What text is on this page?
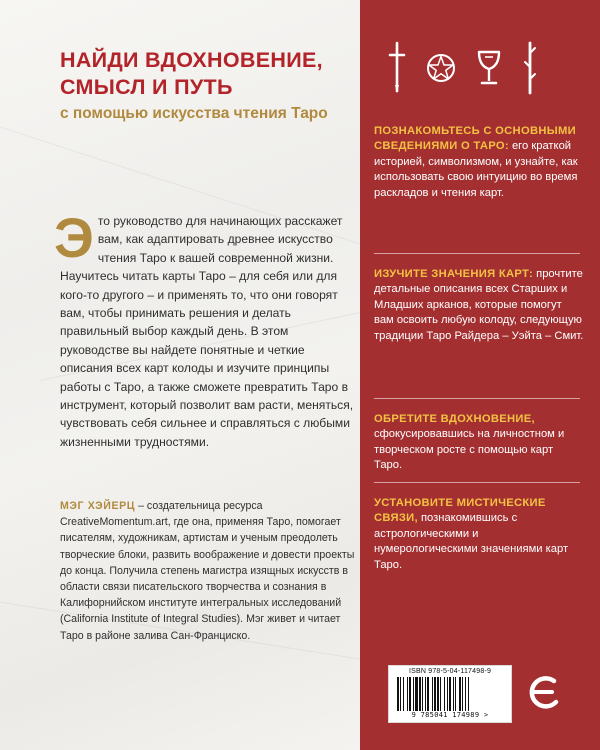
НАЙДИ ВДОХНОВЕНИЕ, СМЫСЛ И ПУТЬ
с помощью искусства чтения Таро
Это руководство для начинающих расскажет вам, как адаптировать древнее искусство чтения Таро к вашей современной жизни. Научитесь читать карты Таро – для себя или для кого-то другого – и применять то, что они говорят вам, чтобы принимать решения и делать правильный выбор каждый день. В этом руководстве вы найдете понятные и четкие описания всех карт колоды и изучите принципы работы с Таро, а также сможете превратить Таро в инструмент, который позволит вам расти, меняться, чувствовать себя сильнее и справляться с любыми жизненными трудностями.
МЭГ ХЭЙЕРЦ – создательница ресурса CreativeMomentum.art, где она, применяя Таро, помогает писателям, художникам, артистам и ученым преодолеть творческие блоки, развить воображение и довести проекты до конца. Получила степень магистра изящных искусств в области связи писательского творчества и сознания в Калифорнийском институте интегральных исследований (California Institute of Integral Studies). Мэг живет и читает Таро в районе залива Сан-Франциско.
ПОЗНАКОМЬТЕСЬ С ОСНОВНЫМИ СВЕДЕНИЯМИ О ТАРО: его краткой историей, символизмом, и узнайте, как использовать свою интуицию во время раскладов и чтения карт.
ИЗУЧИТЕ ЗНАЧЕНИЯ КАРТ: прочтите детальные описания всех Старших и Младших арканов, которые помогут вам освоить любую колоду, следующую традиции Таро Райдера – Уэйта – Смит.
ОБРЕТИТЕ ВДОХНОВЕНИЕ, сфокусировавшись на личностном и творческом росте с помощью карт Таро.
УСТАНОВИТЕ МИСТИЧЕСКИЕ СВЯЗИ, познакомившись с астрологическими и нумерологическими значениями карт Таро.
ISBN 978-5-04-117498-9
9 785041 174989 >
